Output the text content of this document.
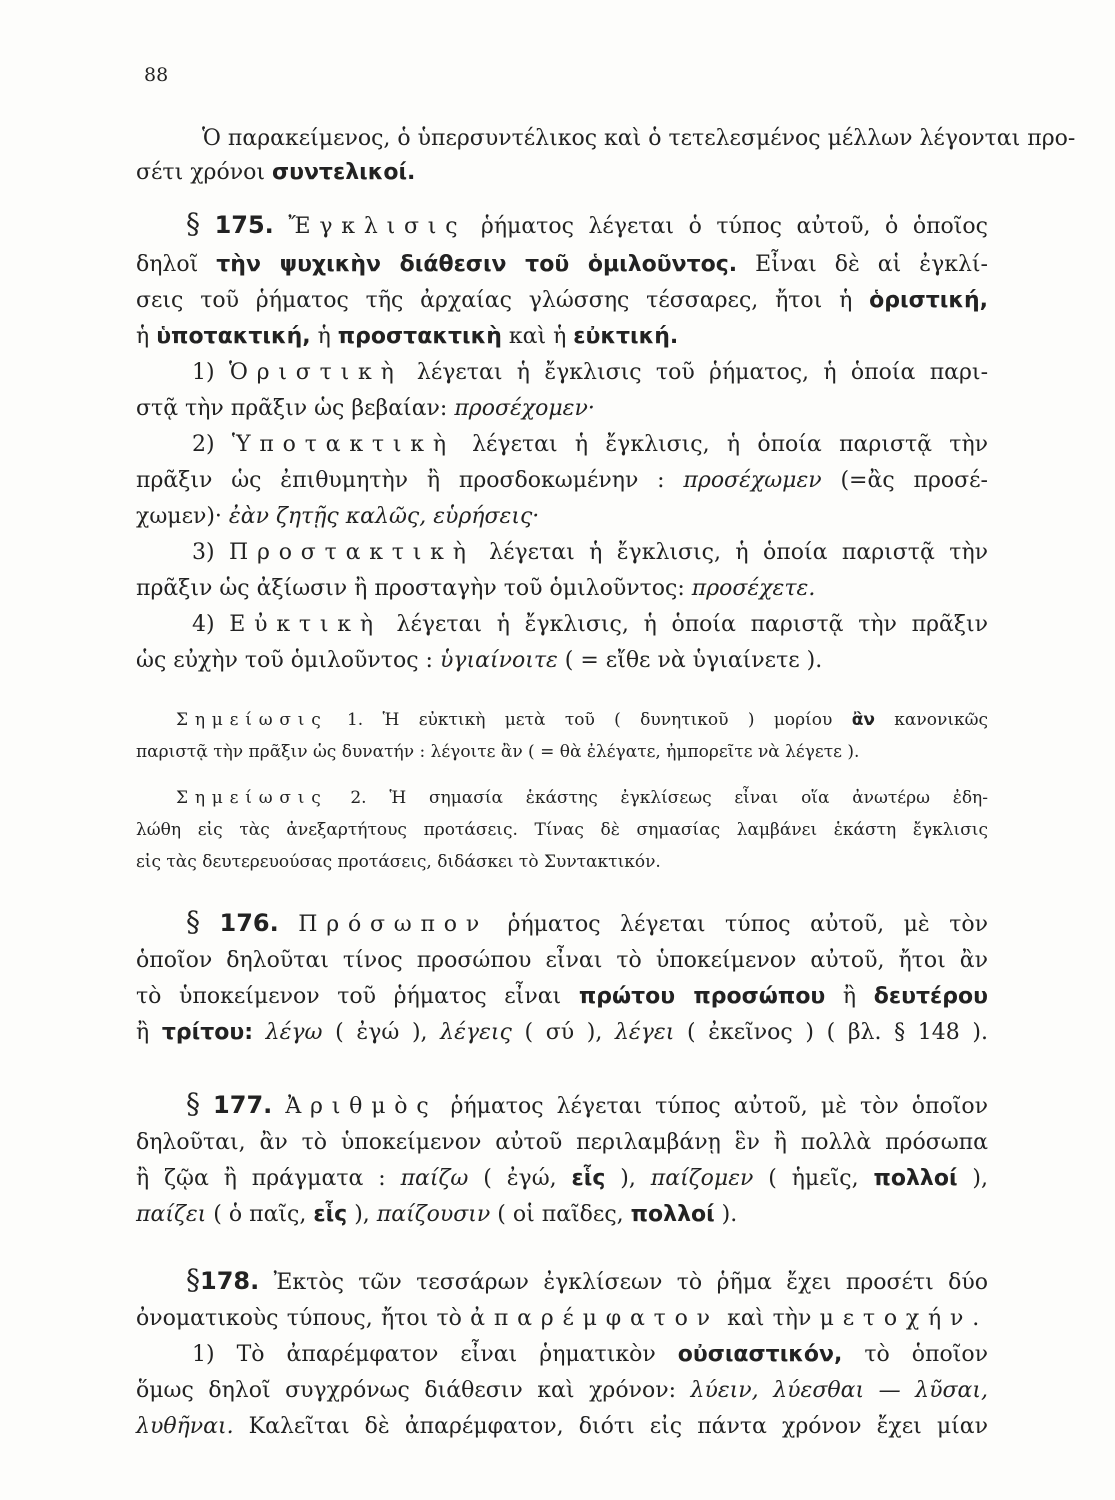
88
Ὁ παρακείμενος, ὁ ὑπερσυντέλικος καὶ ὁ τετελεσμένος μέλλων λέγονται προ-
σέτι χρόνοι συντελικοί.
§ 175. Ἔγκλισις ῥήματος λέγεται ὁ τύπος αὐτοῦ, ὁ ὁποῖος
δηλοῖ τὴν ψυχικὴν διάθεσιν τοῦ ὁμιλοῦντος. Εἶναι δὲ αἱ ἐγκλί-
σεις τοῦ ῥήματος τῆς ἀρχαίας γλώσσης τέσσαρες, ἤτοι ἡ ὁριστική,
ἡ ὑποτακτική, ἡ προστακτικὴ καὶ ἡ εὐκτική.
1) Ὁριστικὴ λέγεται ἡ ἔγκλισις τοῦ ῥήματος, ἡ ὁποία παρι-
στᾷ τὴν πρᾶξιν ὡς βεβαίαν: προσέχομεν·
2) Ὑποτακτικὴ λέγεται ἡ ἔγκλισις, ἡ ὁποία παριστᾷ τὴν
πρᾶξιν ὡς ἐπιθυμητὴν ἢ προσδοκωμένην : προσέχωμεν (=ἂς προσέ-
χωμεν)· ἐὰν ζητῇς καλῶς, εὑρήσεις·
3) Προστακτικὴ λέγεται ἡ ἔγκλισις, ἡ ὁποία παριστᾷ τὴν
πρᾶξιν ὡς ἀξίωσιν ἢ προσταγὴν τοῦ ὁμιλοῦντος: προσέχετε.
4) Εὐκτικὴ λέγεται ἡ ἔγκλισις, ἡ ὁποία παριστᾷ τὴν πρᾶξιν
ὡς εὐχὴν τοῦ ὁμιλοῦντος : ὑγιαίνοιτε ( = εἴθε νὰ ὑγιαίνετε ).
Σημείωσις 1. Ἡ εὐκτικὴ μετὰ τοῦ ( δυνητικοῦ ) μορίου ἂν κανονικῶς
παριστᾷ τὴν πρᾶξιν ὡς δυνατήν : λέγοιτε ἂν ( = θὰ ἐλέγατε, ἠμπορεῖτε νὰ λέγετε ).
Σημείωσις 2. Ἡ σημασία ἑκάστης ἐγκλίσεως εἶναι οἵα ἀνωτέρω ἐδη-
λώθη εἰς τὰς ἀνεξαρτήτους προτάσεις. Τίνας δὲ σημασίας λαμβάνει ἑκάστη ἔγκλισις
εἰς τὰς δευτερευούσας προτάσεις, διδάσκει τὸ Συντακτικόν.
§ 176. Πρόσωπον ῥήματος λέγεται τύπος αὐτοῦ, μὲ τὸν
ὁποῖον δηλοῦται τίνος προσώπου εἶναι τὸ ὑποκείμενον αὐτοῦ, ἤτοι ἂν
τὸ ὑποκείμενον τοῦ ῥήματος εἶναι πρώτου προσώπου ἢ δευτέρου
ἢ τρίτου: λέγω ( ἐγώ ), λέγεις ( σύ ), λέγει ( ἐκεῖνος ) ( βλ. § 148 ).
§ 177. Ἀριθμὸς ῥήματος λέγεται τύπος αὐτοῦ, μὲ τὸν ὁποῖον
δηλοῦται, ἂν τὸ ὑποκείμενον αὐτοῦ περιλαμβάνῃ ἓν ἢ πολλὰ πρόσωπα
ἢ ζῷα ἢ πράγματα : παίζω ( ἐγώ, εἷς ), παίζομεν ( ἡμεῖς, πολλοί ),
παίζει ( ὁ παῖς, εἷς ), παίζουσιν ( οἱ παῖδες, πολλοί ).
§178. Ἐκτὸς τῶν τεσσάρων ἐγκλίσεων τὸ ῥῆμα ἔχει προσέτι δύο
ὀνοματικοὺς τύπους, ἤτοι τὸ ἀπαρέμφατον καὶ τὴν μετοχήν.
1) Τὸ ἀπαρέμφατον εἶναι ῥηματικὸν οὐσιαστικόν, τὸ ὁποῖον
ὅμως δηλοῖ συγχρόνως διάθεσιν καὶ χρόνον: λύειν, λύεσθαι — λῦσαι,
λυθῆναι. Καλεῖται δὲ ἀπαρέμφατον, διότι εἰς πάντα χρόνον ἔχει μίαν
